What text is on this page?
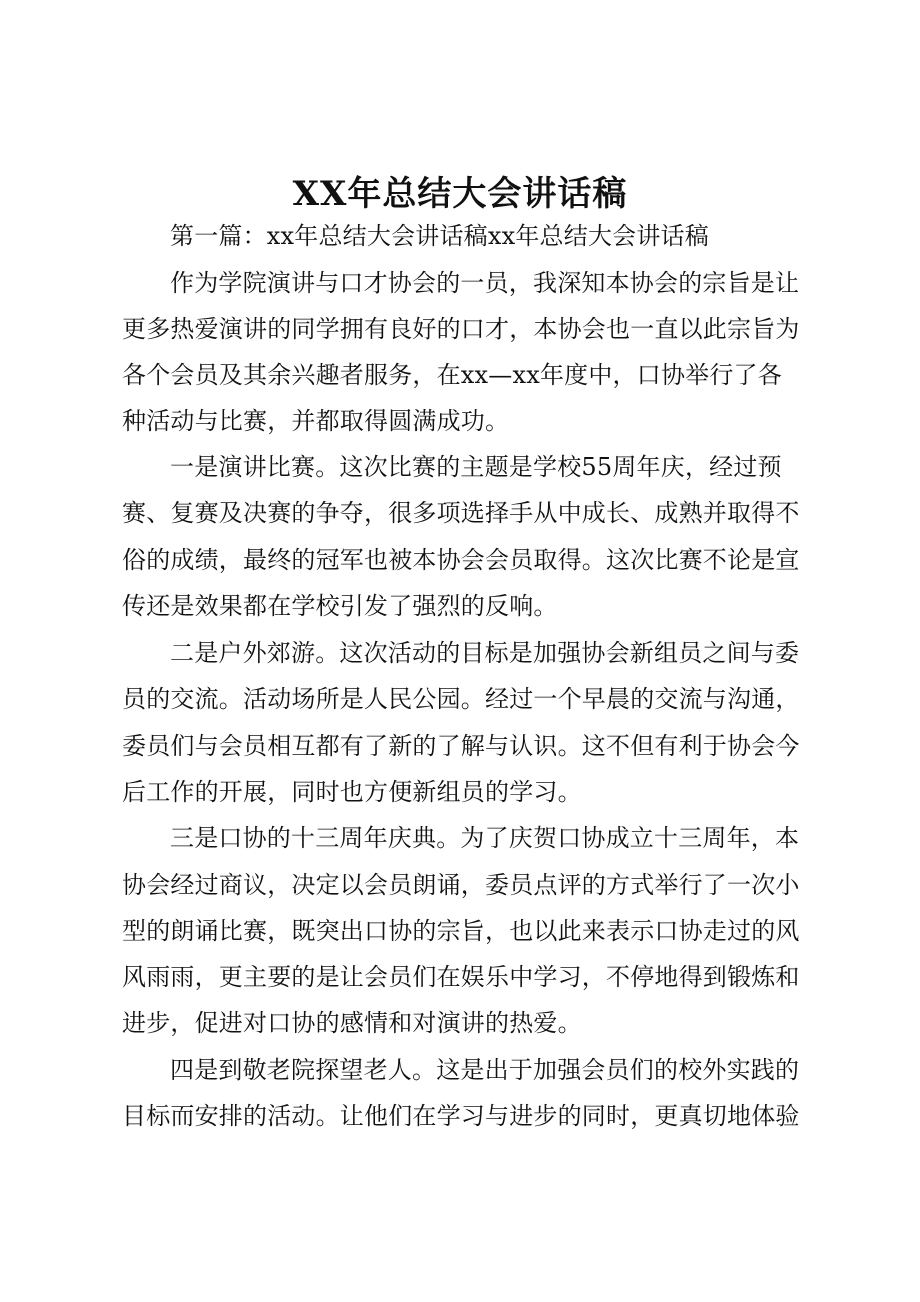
XX年总结大会讲话稿
第一篇：xx年总结大会讲话稿xx年总结大会讲话稿
作为学院演讲与口才协会的一员，我深知本协会的宗旨是让
更多热爱演讲的同学拥有良好的口才，本协会也一直以此宗旨为
各个会员及其余兴趣者服务，在xx—xx年度中，口协举行了各
种活动与比赛，并都取得圆满成功。
一是演讲比赛。这次比赛的主题是学校55周年庆，经过预
赛、复赛及决赛的争夺，很多项选择手从中成长、成熟并取得不
俗的成绩，最终的冠军也被本协会会员取得。这次比赛不论是宣
传还是效果都在学校引发了强烈的反响。
二是户外郊游。这次活动的目标是加强协会新组员之间与委
员的交流。活动场所是人民公园。经过一个早晨的交流与沟通，
委员们与会员相互都有了新的了解与认识。这不但有利于协会今
后工作的开展，同时也方便新组员的学习。
三是口协的十三周年庆典。为了庆贺口协成立十三周年，本
协会经过商议，决定以会员朗诵，委员点评的方式举行了一次小
型的朗诵比赛，既突出口协的宗旨，也以此来表示口协走过的风
风雨雨，更主要的是让会员们在娱乐中学习，不停地得到锻炼和
进步，促进对口协的感情和对演讲的热爱。
四是到敬老院探望老人。这是出于加强会员们的校外实践的
目标而安排的活动。让他们在学习与进步的同时，更真切地体验
